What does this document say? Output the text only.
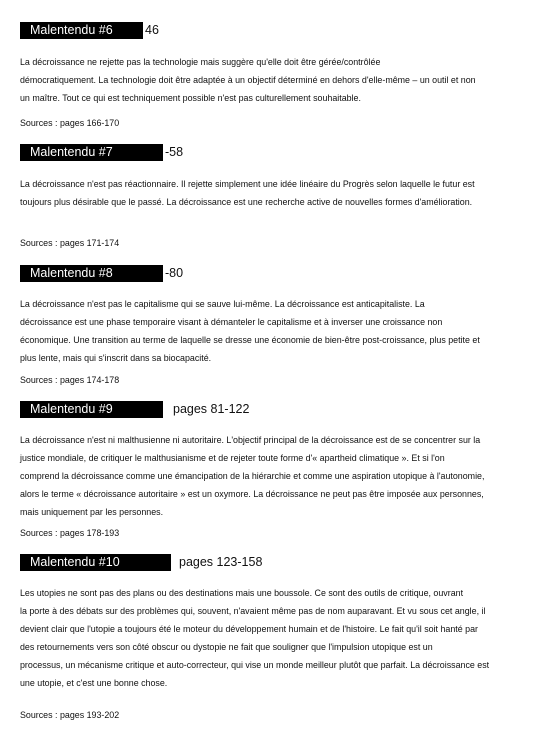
Malentendu #6	46

La décroissance ne rejette pas la technologie mais suggère qu'elle doit être gérée/contrôlée
démocratiquement. La technologie doit être adaptée à un objectif déterminé en dehors d'elle-même – un outil et non
un maître. Tout ce qui est techniquement possible n'est pas culturellement souhaitable.

Sources : pages 166-170
Malentendu #7	-58

La décroissance n'est pas réactionnaire. Il rejette simplement une idée linéaire du Progrès selon laquelle le futur est
toujours plus désirable que le passé. La décroissance est une recherche active de nouvelles formes d'amélioration.

Sources : pages 171-174
Malentendu #8	-80

La décroissance n'est pas le capitalisme qui se sauve lui-même. La décroissance est anticapitaliste. La
décroissance est une phase temporaire visant à démanteler le capitalisme et à inverser une croissance non
économique. Une transition au terme de laquelle se dresse une économie de bien-être post-croissance, plus petite et
plus lente, mais qui s'inscrit dans sa biocapacité.

Sources : pages 174-178
Malentendu #9	pages 81-122

La décroissance n'est ni malthusienne ni autoritaire. L'objectif principal de la décroissance est de se concentrer sur la
justice mondiale, de critiquer le malthusianisme et de rejeter toute forme d'« apartheid climatique ». Et si l'on
comprend la décroissance comme une émancipation de la hiérarchie et comme une aspiration utopique à l'autonomie,
alors le terme « décroissance autoritaire » est un oxymore. La décroissance ne peut pas être imposée aux personnes,
mais uniquement par les personnes.

Sources : pages 178-193
Malentendu #10	pages 123-158

Les utopies ne sont pas des plans ou des destinations mais une boussole. Ce sont des outils de critique, ouvrant
la porte à des débats sur des problèmes qui, souvent, n'avaient même pas de nom auparavant. Et vu sous cet angle, il
devient clair que l'utopie a toujours été le moteur du développement humain et de l'histoire. Le fait qu'il soit hanté par
des retournements vers son côté obscur ou dystopie ne fait que souligner que l'impulsion utopique est un
processus, un mécanisme critique et auto-correcteur, qui vise un monde meilleur plutôt que parfait. La décroissance est
une utopie, et c'est une bonne chose.

Sources : pages 193-202
